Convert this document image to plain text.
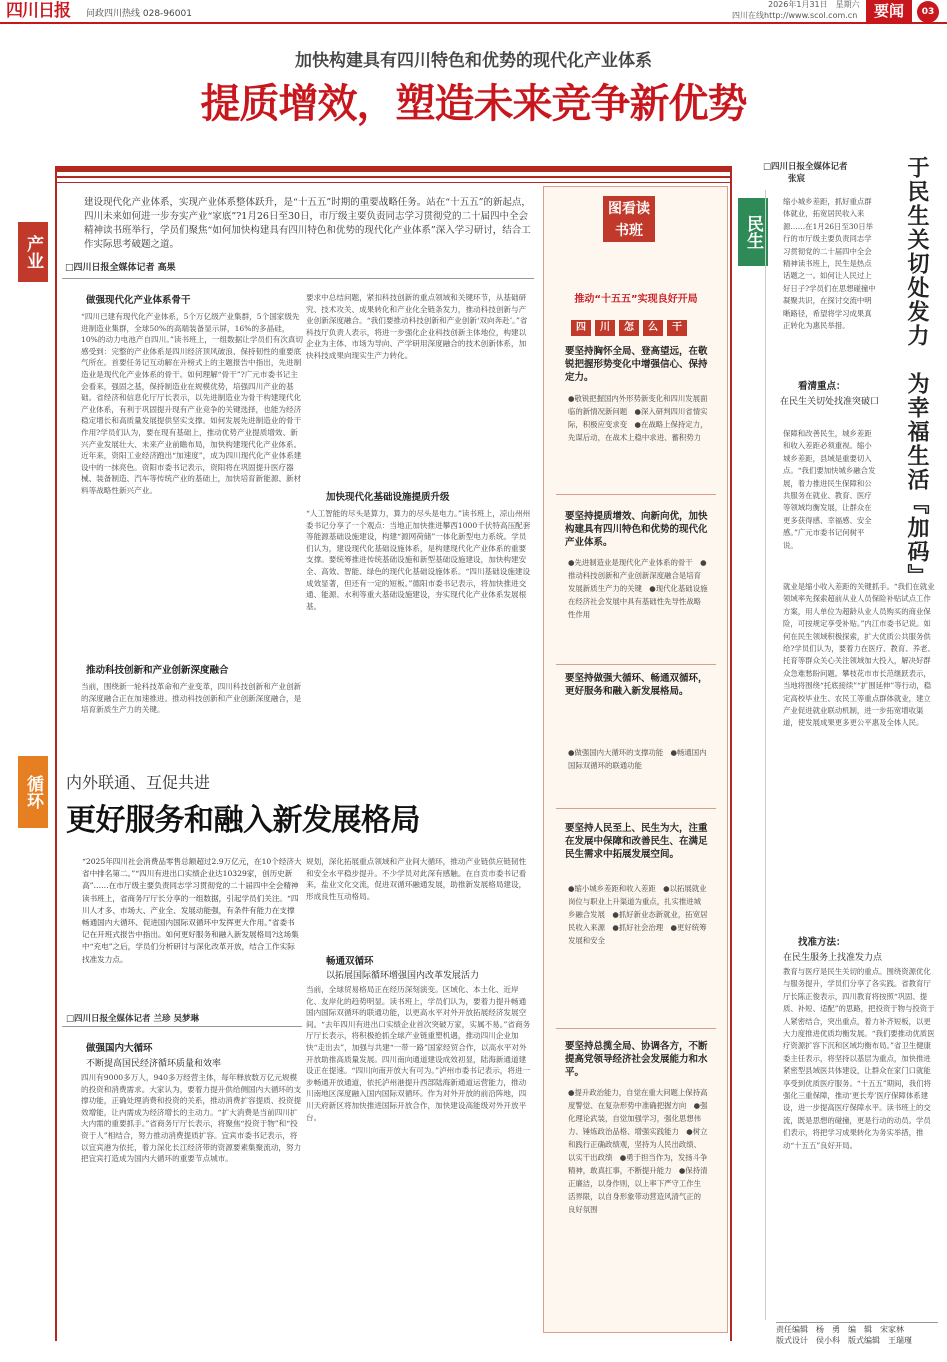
四川日报 问政四川热线 028-96001
2026年1月31日　星期六
四川在线http://www.scol.com.cn	要闻	03
加快构建具有四川特色和优势的现代化产业体系
提质增效，塑造未来竞争新优势
产业
循环
民生
建设现代化产业体系，实现产业体系整体跃升，是“十五五”时期的重要战略任务。站在“十五五”的新起点，四川未来如何进一步夯实产业“家底”?1月26日至30日，市厅级主要负责同志学习贯彻党的二十届四中全会精神读书班举行，学员们聚焦“如何加快构建具有四川特色和优势的现代化产业体系”深入学习研讨，结合工作实际思考破题之道。
□四川日报全媒体记者 高果
做强现代化产业体系骨干
“四川已建有现代化产业体系，5个万亿级产业集群，5个国家级先进制造业集群，全球50%的高端装备显示屏，16%的多晶硅，10%的动力电池产自四川。”读书班上，一组数据让学员们有次真切感受到：完整的产业体系是四川经济顶风破浪、保持韧性的重要底气所在。首要任务记互动解在升榜式上的主题报告中指出，先进制造业是现代化产业体系的骨干。如何理解“骨干”?广元市委书记主会看来，强固之基，保持制造业在规模优势，培强四川产业的基础。省经济和信息化厅厅长表示，以先进制造业为骨干构建现代化产业体系，有利于巩固提升现有产业竞争的关键选择，也能为经济稳定增长和高质量发展提供坚实支撑。如何发展先进制造业的骨干作用?学员们认为，要在现有基础上，推动优势产业提质增效、新兴产业发展壮大、未来产业前瞻布局，加快构建现代化产业体系。近年来，资阳工业经济跑出“加速度”，成为四川现代化产业体系建设中的一抹亮色。资阳市委书记表示，资阳将在巩固提升医疗器械、装备制造、汽车等传统产业的基础上，加快培育新能源、新材料等战略性新兴产业。
推动科技创新和产业创新深度融合
当前，围绕新一轮科技革命和产业变革，四川科技创新和产业创新的深度融合正在加速推进。推动科技创新和产业创新深度融合，是培育新质生产力的关键。
要求中总结问题，紧扣科技创新的重点领域和关键环节，从基础研究、技术攻关、成果转化和产业化全链条发力，推动科技创新与产业创新深度融合。“我们要推动科技创新和产业创新‘双向奔赴’。”省科技厅负责人表示，将进一步强化企业科技创新主体地位，构建以企业为主体、市场为导向、产学研用深度融合的技术创新体系，加快科技成果向现实生产力转化。
加快现代化基础设施提质升级
“人工智能的尽头是算力，算力的尽头是电力。”读书班上，凉山州州委书记分享了一个观点：当地正加快推进攀西1000千伏特高压配套等能源基础设施建设，构建“源网荷储”一体化新型电力系统。学员们认为，建设现代化基础设施体系，是构建现代化产业体系的重要支撑。要统筹推进传统基础设施和新型基础设施建设，加快构建安全、高效、智能、绿色的现代化基础设施体系。“四川基础设施建设成效显著，但还有一定的短板。”德阳市委书记表示，将加快推进交通、能源、水利等重大基础设施建设，夯实现代化产业体系发展根基。
图看读书班
推动“十五五”实现良好开局
四 川 怎 么 干
要坚持胸怀全局、登高望远，在敬锐把握形势变化中增强信心、保持定力。
●敬锐把握国内外形势新变化和四川发展面临的新情况新问题　●深入研判四川省情实际，积极应变求变　●在战略上保持定力，先谋后动，在战术上稳中求进、蓄积势力
要坚持提质增效、向新向优，加快构建具有四川特色和优势的现代化产业体系。
●先进制造业是现代化产业体系的骨干　●推动科技创新和产业创新深度融合是培育发展新质生产力的关键　●现代化基础设施在经济社会发展中具有基础性先导性战略性作用
要坚持做强大循环、畅通双循环，更好服务和融入新发展格局。
●做强国内大循环的支撑功能　●畅通国内国际双循环的联通功能
要坚持人民至上、民生为大，注重在发展中保障和改善民生、在满足民生需求中拓展发展空间。
●缩小城乡差距和收入差距　●以拓展就业岗位与职业上升渠道为重点，扎实推进城乡融合发展　●抓好新业态新就业，拓宽居民收入来源　●抓好社会治理　●更好统筹发展和安全
要坚持总揽全局、协调各方，不断提高党领导经济社会发展能力和水平。
●提升政治能力，自觉在重大问题上保持高度警觉、在复杂形势中准确把握方向　●强化理论武装，自觉加强学习，强化思想伟力、锤炼政治品格、增强实践能力　●树立和践行正确政绩观，坚持为人民出政绩、以实干出政绩　●勇于担当作为，发扬斗争精神，敢真扛事，不断提升能力　●保持清正廉洁，以身作则，以上率下严守工作生活界限，以自身形象带动营造风清气正的良好氛围
内外联通、互促共进
更好服务和融入新发展格局
“2025年四川社会消费品零售总额超过2.9万亿元，在10个经济大省中排名第二。”“四川有进出口实绩企业达10329家，创历史新高”……在市厅级主要负责同志学习贯彻党的二十届四中全会精神读书班上，省商务厅厅长分享的一组数据，引起学员们关注。“四川人才多、市场大、产业全、发展动能强，有条件有能力在支撑畅通国内大循环、促进国内国际双循环中发挥更大作用。”省委书记在开班式报告中指出。如何更好服务和融入新发展格局?这场集中“充电”之后，学员们分析研讨与深化改革开放，结合工作实际找准发力点。
□四川日报全媒体记者 兰珍 吴梦琳
做强国内大循环
不断提高国民经济循环质量和效率
四川有9000多万人，940多万经营主体，每年释放数万亿元规模的投资和消费需求。大家认为，要着力提升供给侧国内大循环的支撑功能，正确处理消费和投资的关系，推动消费扩容提质、投资提效增能，让内需成为经济增长的主动力。“扩大消费是当前四川扩大内需的重要抓手。”省商务厅厅长表示，将聚焦“投资于物”和“投资于人”相结合，努力推动消费提质扩容。宜宾市委书记表示，将以宜宾港为依托，着力深化长江经济带的资源要素集聚流动，努力把宜宾打造成为国内大循环的重要节点城市。
规划，深化拓展重点领域和产业间大循环，推动产业链供应链韧性和安全水平稳步提升。不少学员对此深有感触。在自贡市委书记看来，盐业文化交流，促进双循环融通发展，助推新发展格局建设，形成良性互动格局。
畅通双循环
以拓展国际循环增强国内改革发展活力
当前，全球贸易格局正在经历深刻演变。区域化、本土化、近岸化、友岸化的趋势明显。读书班上，学员们认为，要着力提升畅通国内国际双循环的联通功能，以更高水平对外开放拓展经济发展空间。“去年四川有进出口实绩企业首次突破万家，实属不易。”省商务厅厅长表示，将积极抢抓全球产业链重塑机遇，推动四川企业加快“走出去”，加强与共建“一带一路”国家经贸合作，以高水平对外开放助推高质量发展。四川南向通道建设成效初显，陆海新通道建设正在提速。“四川向南开放大有可为。”泸州市委书记表示，将进一步畅通开放通道，依托泸州港提升西部陆海新通道运营能力，推动川南地区深度融入国内国际双循环。作为对外开放的前沿阵地，四川天府新区将加快推进国际开放合作，加快建设高能级对外开放平台。
□四川日报全媒体记者
张宸	于民生关切处发力　为幸福生活『加码』
缩小城乡差距，抓好重点群体就业，拓宽居民收入来源……在1月26日至30日举行的市厅级主要负责同志学习贯彻党的二十届四中全会精神读书班上，民生是热点话题之一。如何让人民过上好日子?学员们在思想碰撞中凝聚共识，在探讨交流中明晰路径，希望将学习成果真正转化为惠民举措。
看清重点：
在民生关切处找准突破口
保障和改善民生，城乡差距和收入差距必须重视。缩小城乡差距，县域是重要切入点。“我们要加快城乡融合发展，着力推进民生保障和公共服务在就业、教育、医疗等领域均衡发展，让群众在更多获得感、幸福感、安全感。”广元市委书记何树平说。
就业是缩小收入差距的关键抓手。“我们在就业领域率先探索超前从业人员保险补贴试点工作方案，用人单位为超龄从业人员购买的商业保险，可按规定享受补贴。”内江市委书记说。如何在民生领域积极探索，扩大优质公共服务供给?学员们认为，要着力在医疗、教育、养老、托育等群众关心关注领域加大投入，解决好群众急难愁盼问题。攀枝花市市长范继跃表示，当地将围绕“托底接续”“扩围延伸”等行动，稳定高校毕业生、农民工等重点群体就业，建立产业促进就业联动机制，进一步拓宽增收渠道，使发展成果更多更公平惠及全体人民。
找准方法：
在民生服务上找准发力点
教育与医疗是民生关切的重点。围绕资源优化与服务提升，学员们分享了各实践。省教育厅厅长陈正俊表示，四川教育将按照“巩固、提质、补短、适配”的思路，把投资于物与投资于人紧密结合，突出重点，着力补齐短板，以更大力度推进优质均衡发展。“我们要推动优质医疗资源扩容下沉和区域均衡布局。”省卫生健康委主任表示，将坚持以基层为重点，加快推进紧密型县域医共体建设，让群众在家门口就能享受到优质医疗服务。“十五五”期间，我们将强化三重保障，推动‘更长寿’医疗保障体系建设，进一步提高医疗保障水平。读书班上的交流，既是思想的碰撞，更是行动的动员。学员们表示，将把学习成果转化为务实举措，推动“十五五”良好开局。
责任编辑　杨　勇　编　辑　宋家林
版式设计　侯小科　版式编辑　王瑞瑾
